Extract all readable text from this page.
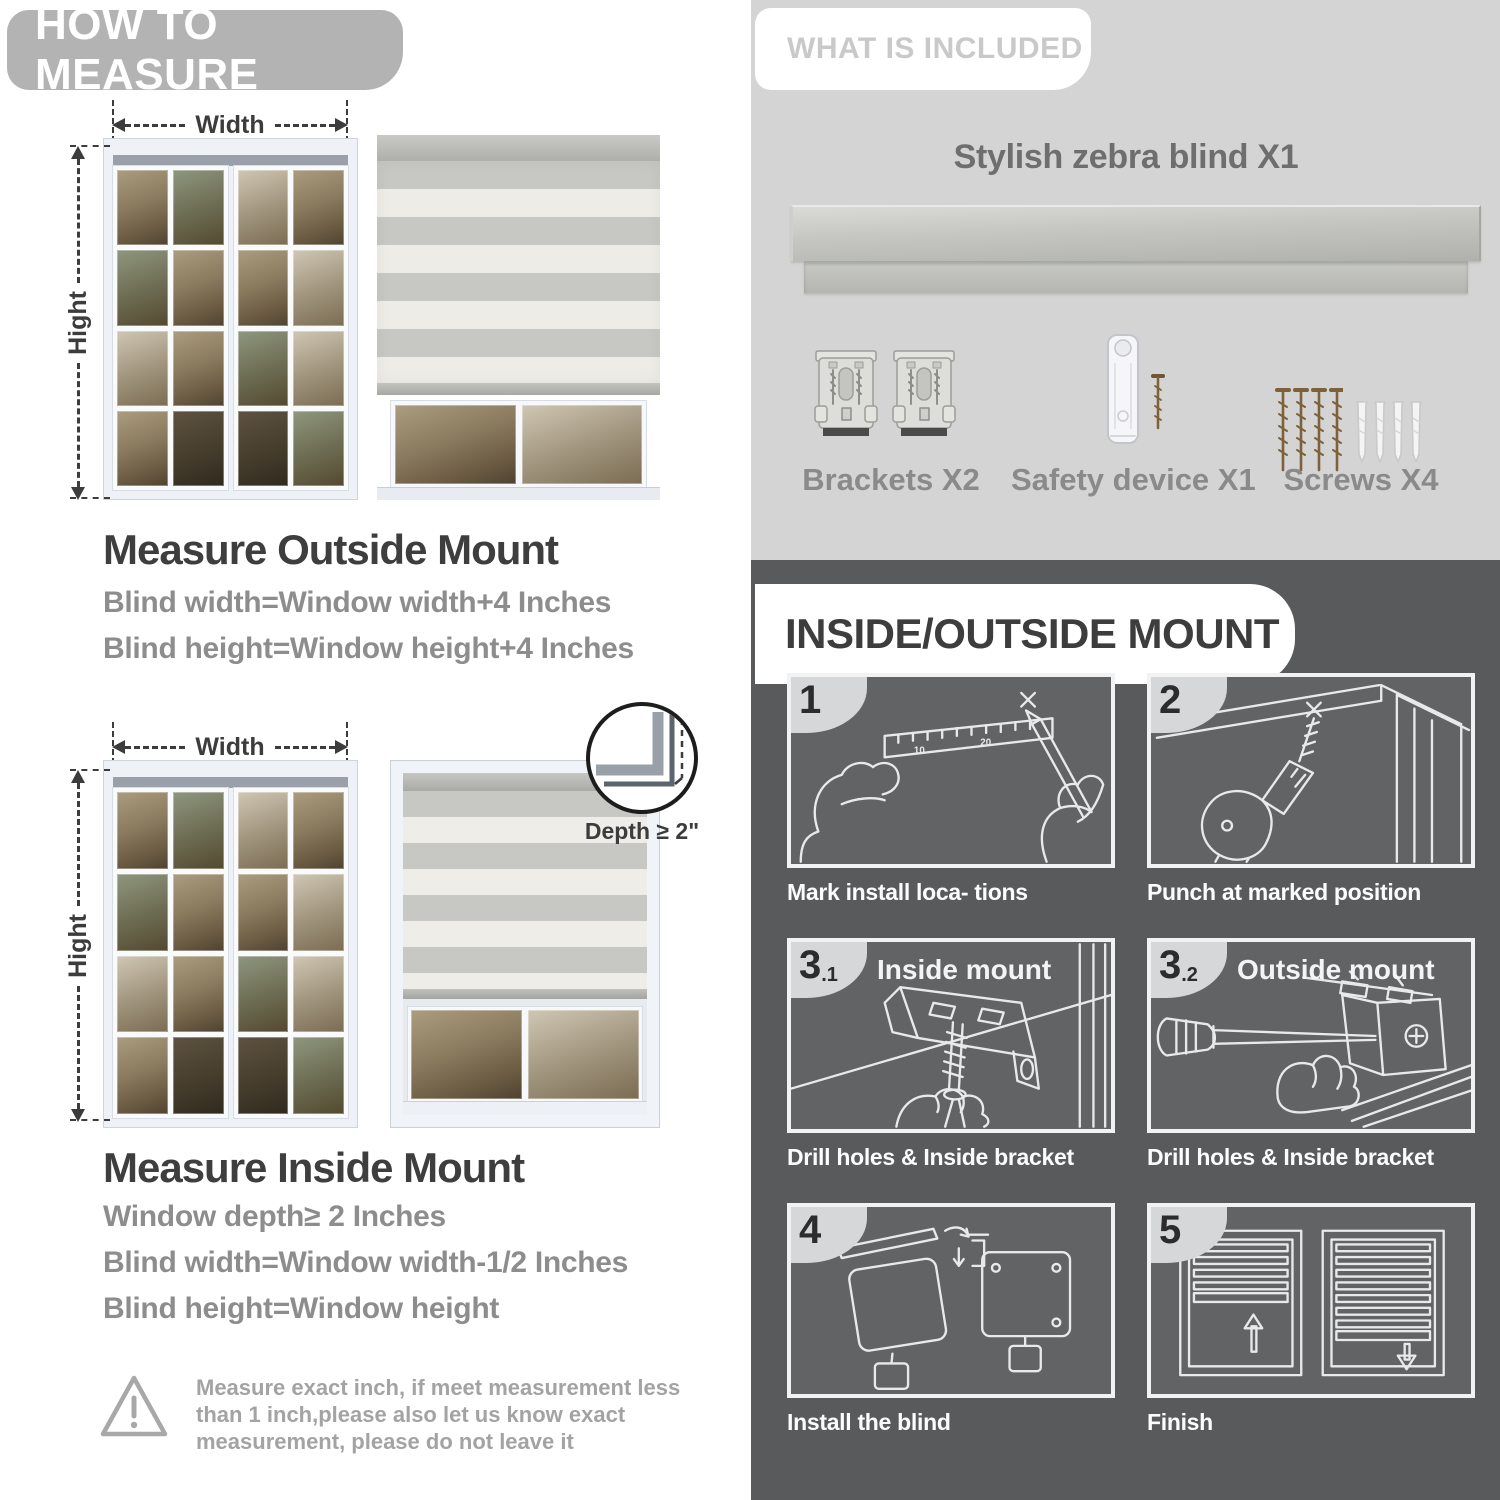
HOW TO MEASURE
Width
Hight
Measure Outside Mount
Blind width=Window width+4 Inches
Blind height=Window height+4 Inches
Width
Hight
Depth ≥ 2"
Measure Inside Mount
Window depth≥ 2 Inches
Blind width=Window width-1/2 Inches
Blind height=Window height
Measure exact inch, if meet measurement less
than 1 inch,please also let us know exact
measurement, please do not leave it
WHAT IS INCLUDED
Stylish zebra blind X1
Brackets X2	Safety device X1 Screws X4
INSIDE/OUTSIDE MOUNT
10
20
1
Mark install loca- tions
2
Punch at marked position
3 .1 Inside mount
Drill holes & Inside bracket
3 .2 Outside mount
Drill holes & Inside bracket
4
Install the blind
5
Finish
